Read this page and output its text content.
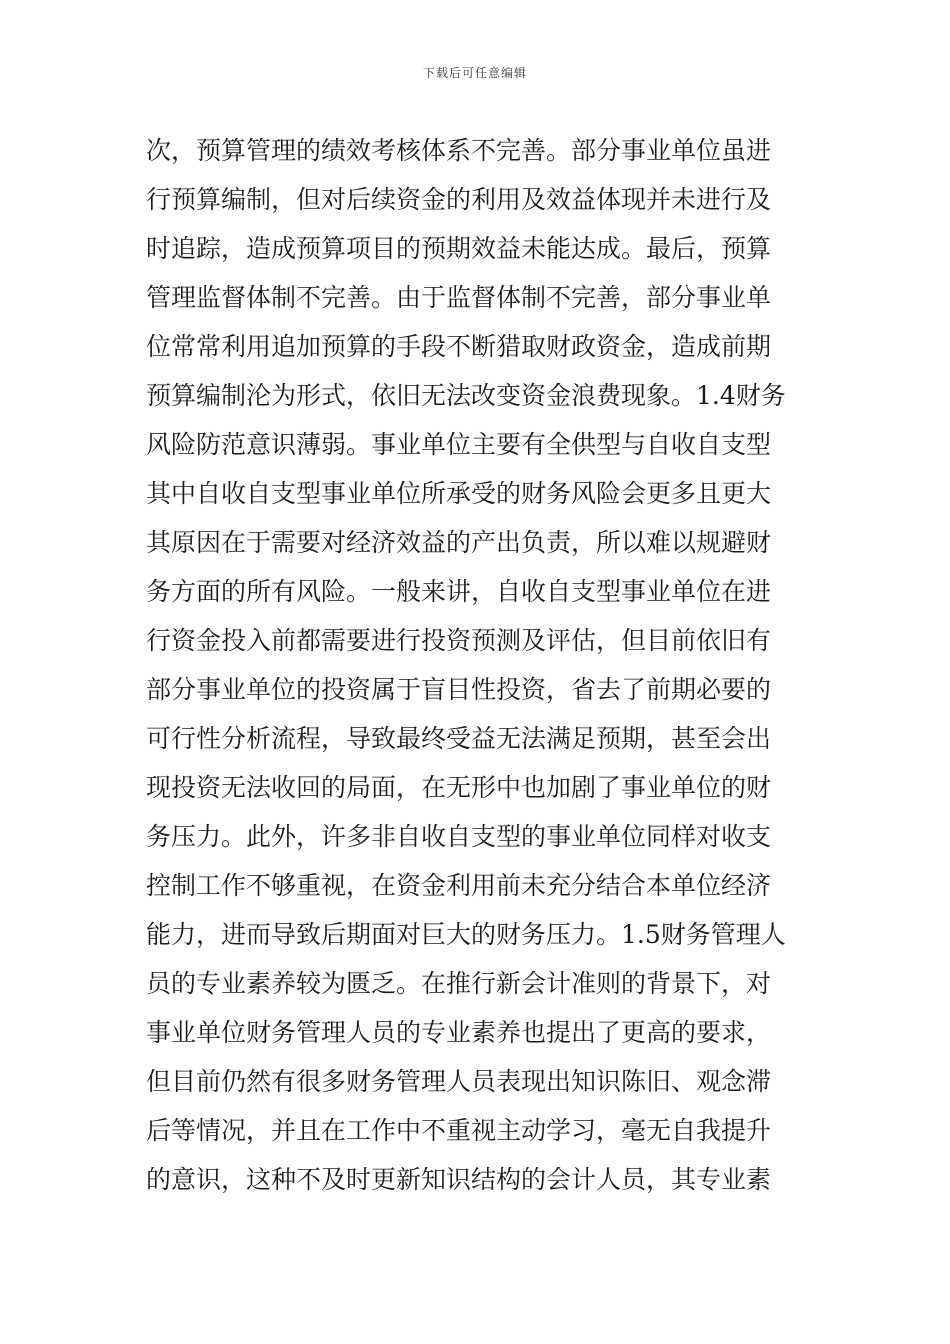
下载后可任意编辑
次，预算管理的绩效考核体系不完善。部分事业单位虽进
行预算编制，但对后续资金的利用及效益体现并未进行及
时追踪，造成预算项目的预期效益未能达成。最后，预算
管理监督体制不完善。由于监督体制不完善，部分事业单
位常常利用追加预算的手段不断猎取财政资金，造成前期
预算编制沦为形式，依旧无法改变资金浪费现象。1.4财务
风险防范意识薄弱。事业单位主要有全供型与自收自支型
其中自收自支型事业单位所承受的财务风险会更多且更大
其原因在于需要对经济效益的产出负责，所以难以规避财
务方面的所有风险。一般来讲，自收自支型事业单位在进
行资金投入前都需要进行投资预测及评估，但目前依旧有
部分事业单位的投资属于盲目性投资，省去了前期必要的
可行性分析流程，导致最终受益无法满足预期，甚至会出
现投资无法收回的局面，在无形中也加剧了事业单位的财
务压力。此外，许多非自收自支型的事业单位同样对收支
控制工作不够重视，在资金利用前未充分结合本单位经济
能力，进而导致后期面对巨大的财务压力。1.5财务管理人
员的专业素养较为匮乏。在推行新会计准则的背景下，对
事业单位财务管理人员的专业素养也提出了更高的要求，
但目前仍然有很多财务管理人员表现出知识陈旧、观念滞
后等情况，并且在工作中不重视主动学习，毫无自我提升
的意识，这种不及时更新知识结构的会计人员，其专业素
